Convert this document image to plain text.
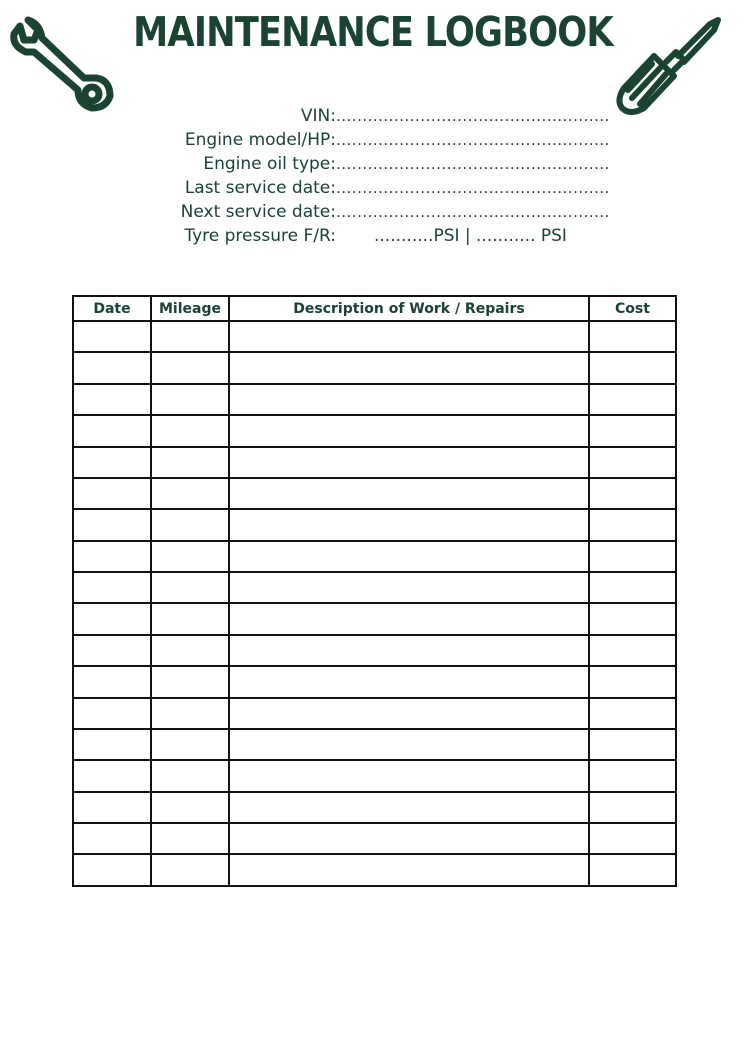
MAINTENANCE LOGBOOK
VIN: ....................................................
Engine model/HP: ....................................................
Engine oil type: ....................................................
Last service date: ....................................................
Next service date: ....................................................
Tyre pressure F/R:	...........PSI | ........... PSI
Date	Mileage	Description of Work / Repairs	Cost
